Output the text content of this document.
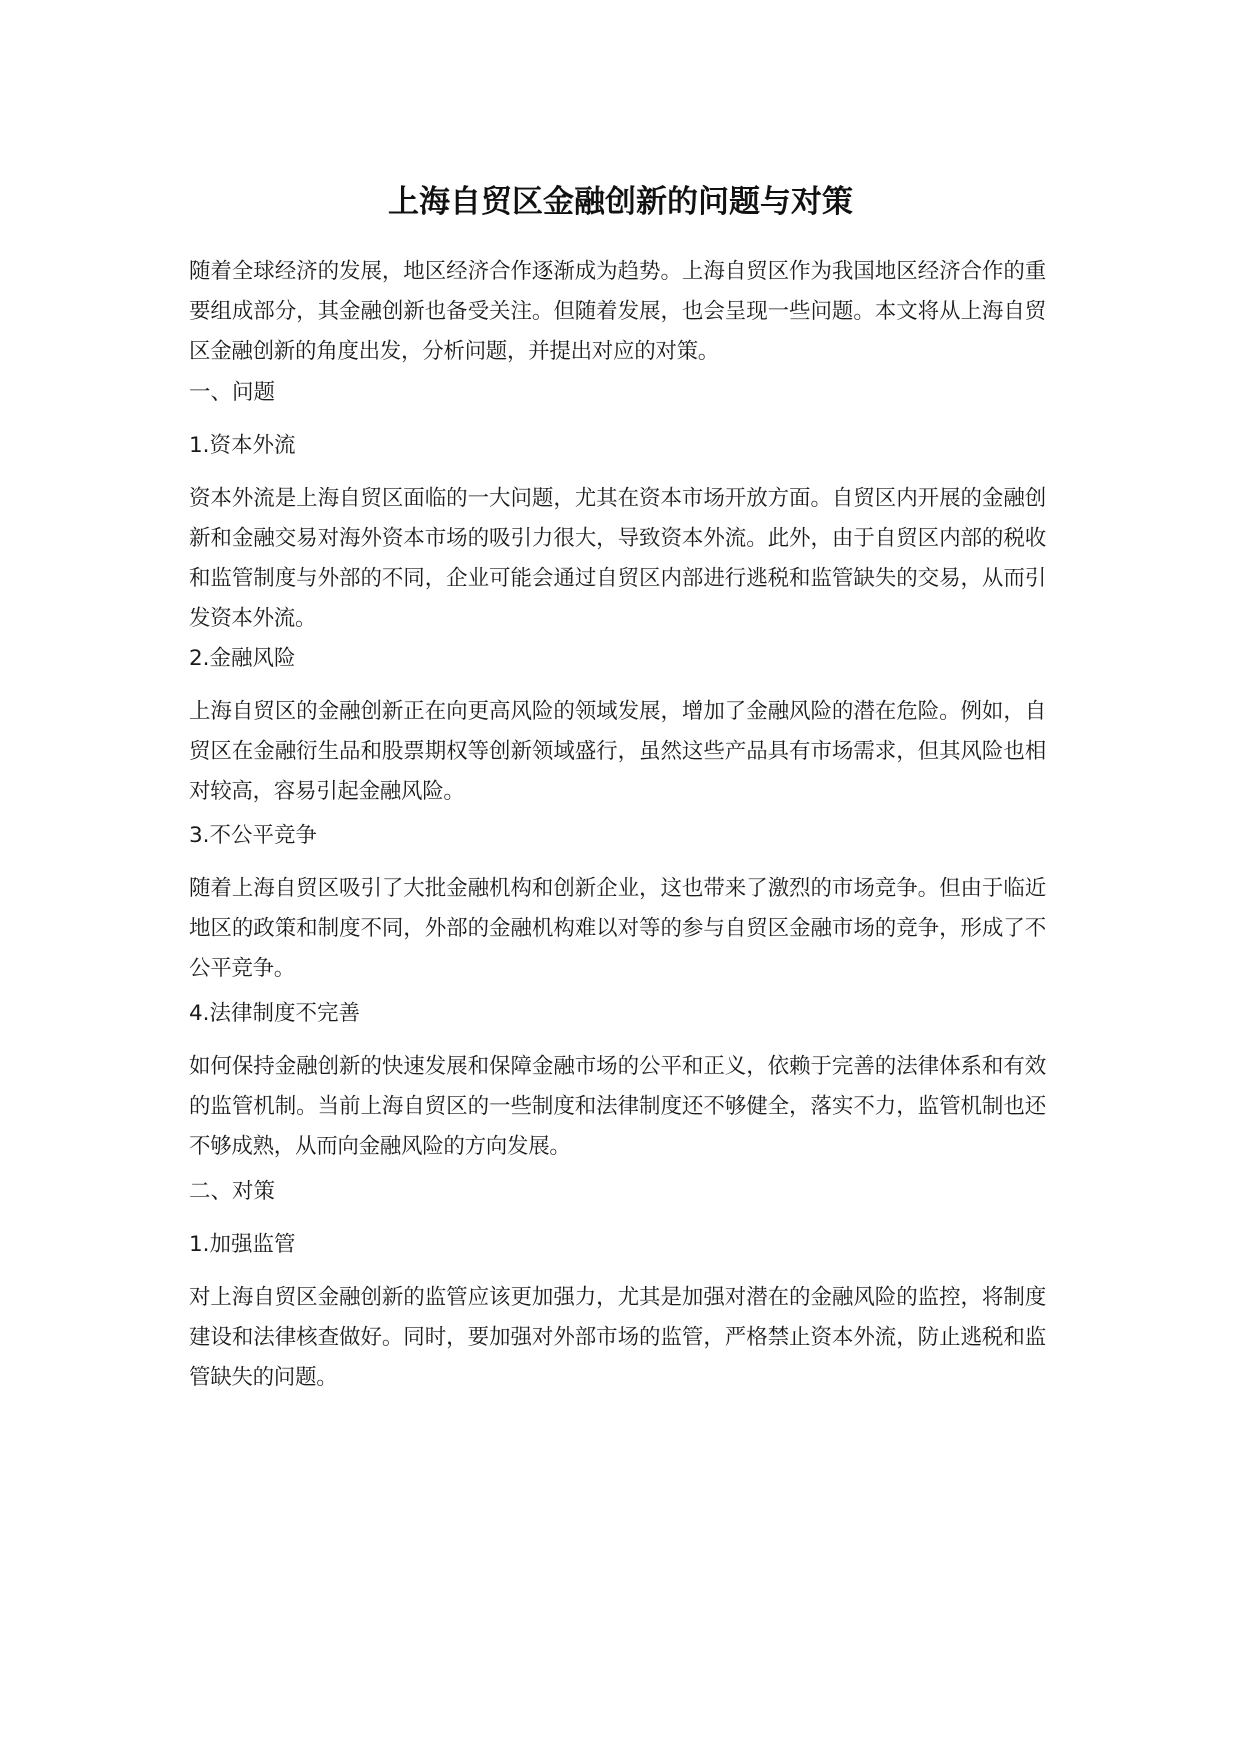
上海自贸区金融创新的问题与对策

随着全球经济的发展，地区经济合作逐渐成为趋势。上海自贸区作为我国地区经济合作的重要组成部分，其金融创新也备受关注。但随着发展，也会呈现一些问题。本文将从上海自贸区金融创新的角度出发，分析问题，并提出对应的对策。

一、问题
1.资本外流

资本外流是上海自贸区面临的一大问题，尤其在资本市场开放方面。自贸区内开展的金融创新和金融交易对海外资本市场的吸引力很大，导致资本外流。此外，由于自贸区内部的税收和监管制度与外部的不同，企业可能会通过自贸区内部进行逃税和监管缺失的交易，从而引发资本外流。

2.金融风险

上海自贸区的金融创新正在向更高风险的领域发展，增加了金融风险的潜在危险。例如，自贸区在金融衍生品和股票期权等创新领域盛行，虽然这些产品具有市场需求，但其风险也相对较高，容易引起金融风险。

3.不公平竞争

随着上海自贸区吸引了大批金融机构和创新企业，这也带来了激烈的市场竞争。但由于临近地区的政策和制度不同，外部的金融机构难以对等的参与自贸区金融市场的竞争，形成了不公平竞争。

4.法律制度不完善

如何保持金融创新的快速发展和保障金融市场的公平和正义，依赖于完善的法律体系和有效的监管机制。当前上海自贸区的一些制度和法律制度还不够健全，落实不力，监管机制也还不够成熟，从而向金融风险的方向发展。

二、对策
1.加强监管

对上海自贸区金融创新的监管应该更加强力，尤其是加强对潜在的金融风险的监控，将制度建设和法律核查做好。同时，要加强对外部市场的监管，严格禁止资本外流，防止逃税和监管缺失的问题。
